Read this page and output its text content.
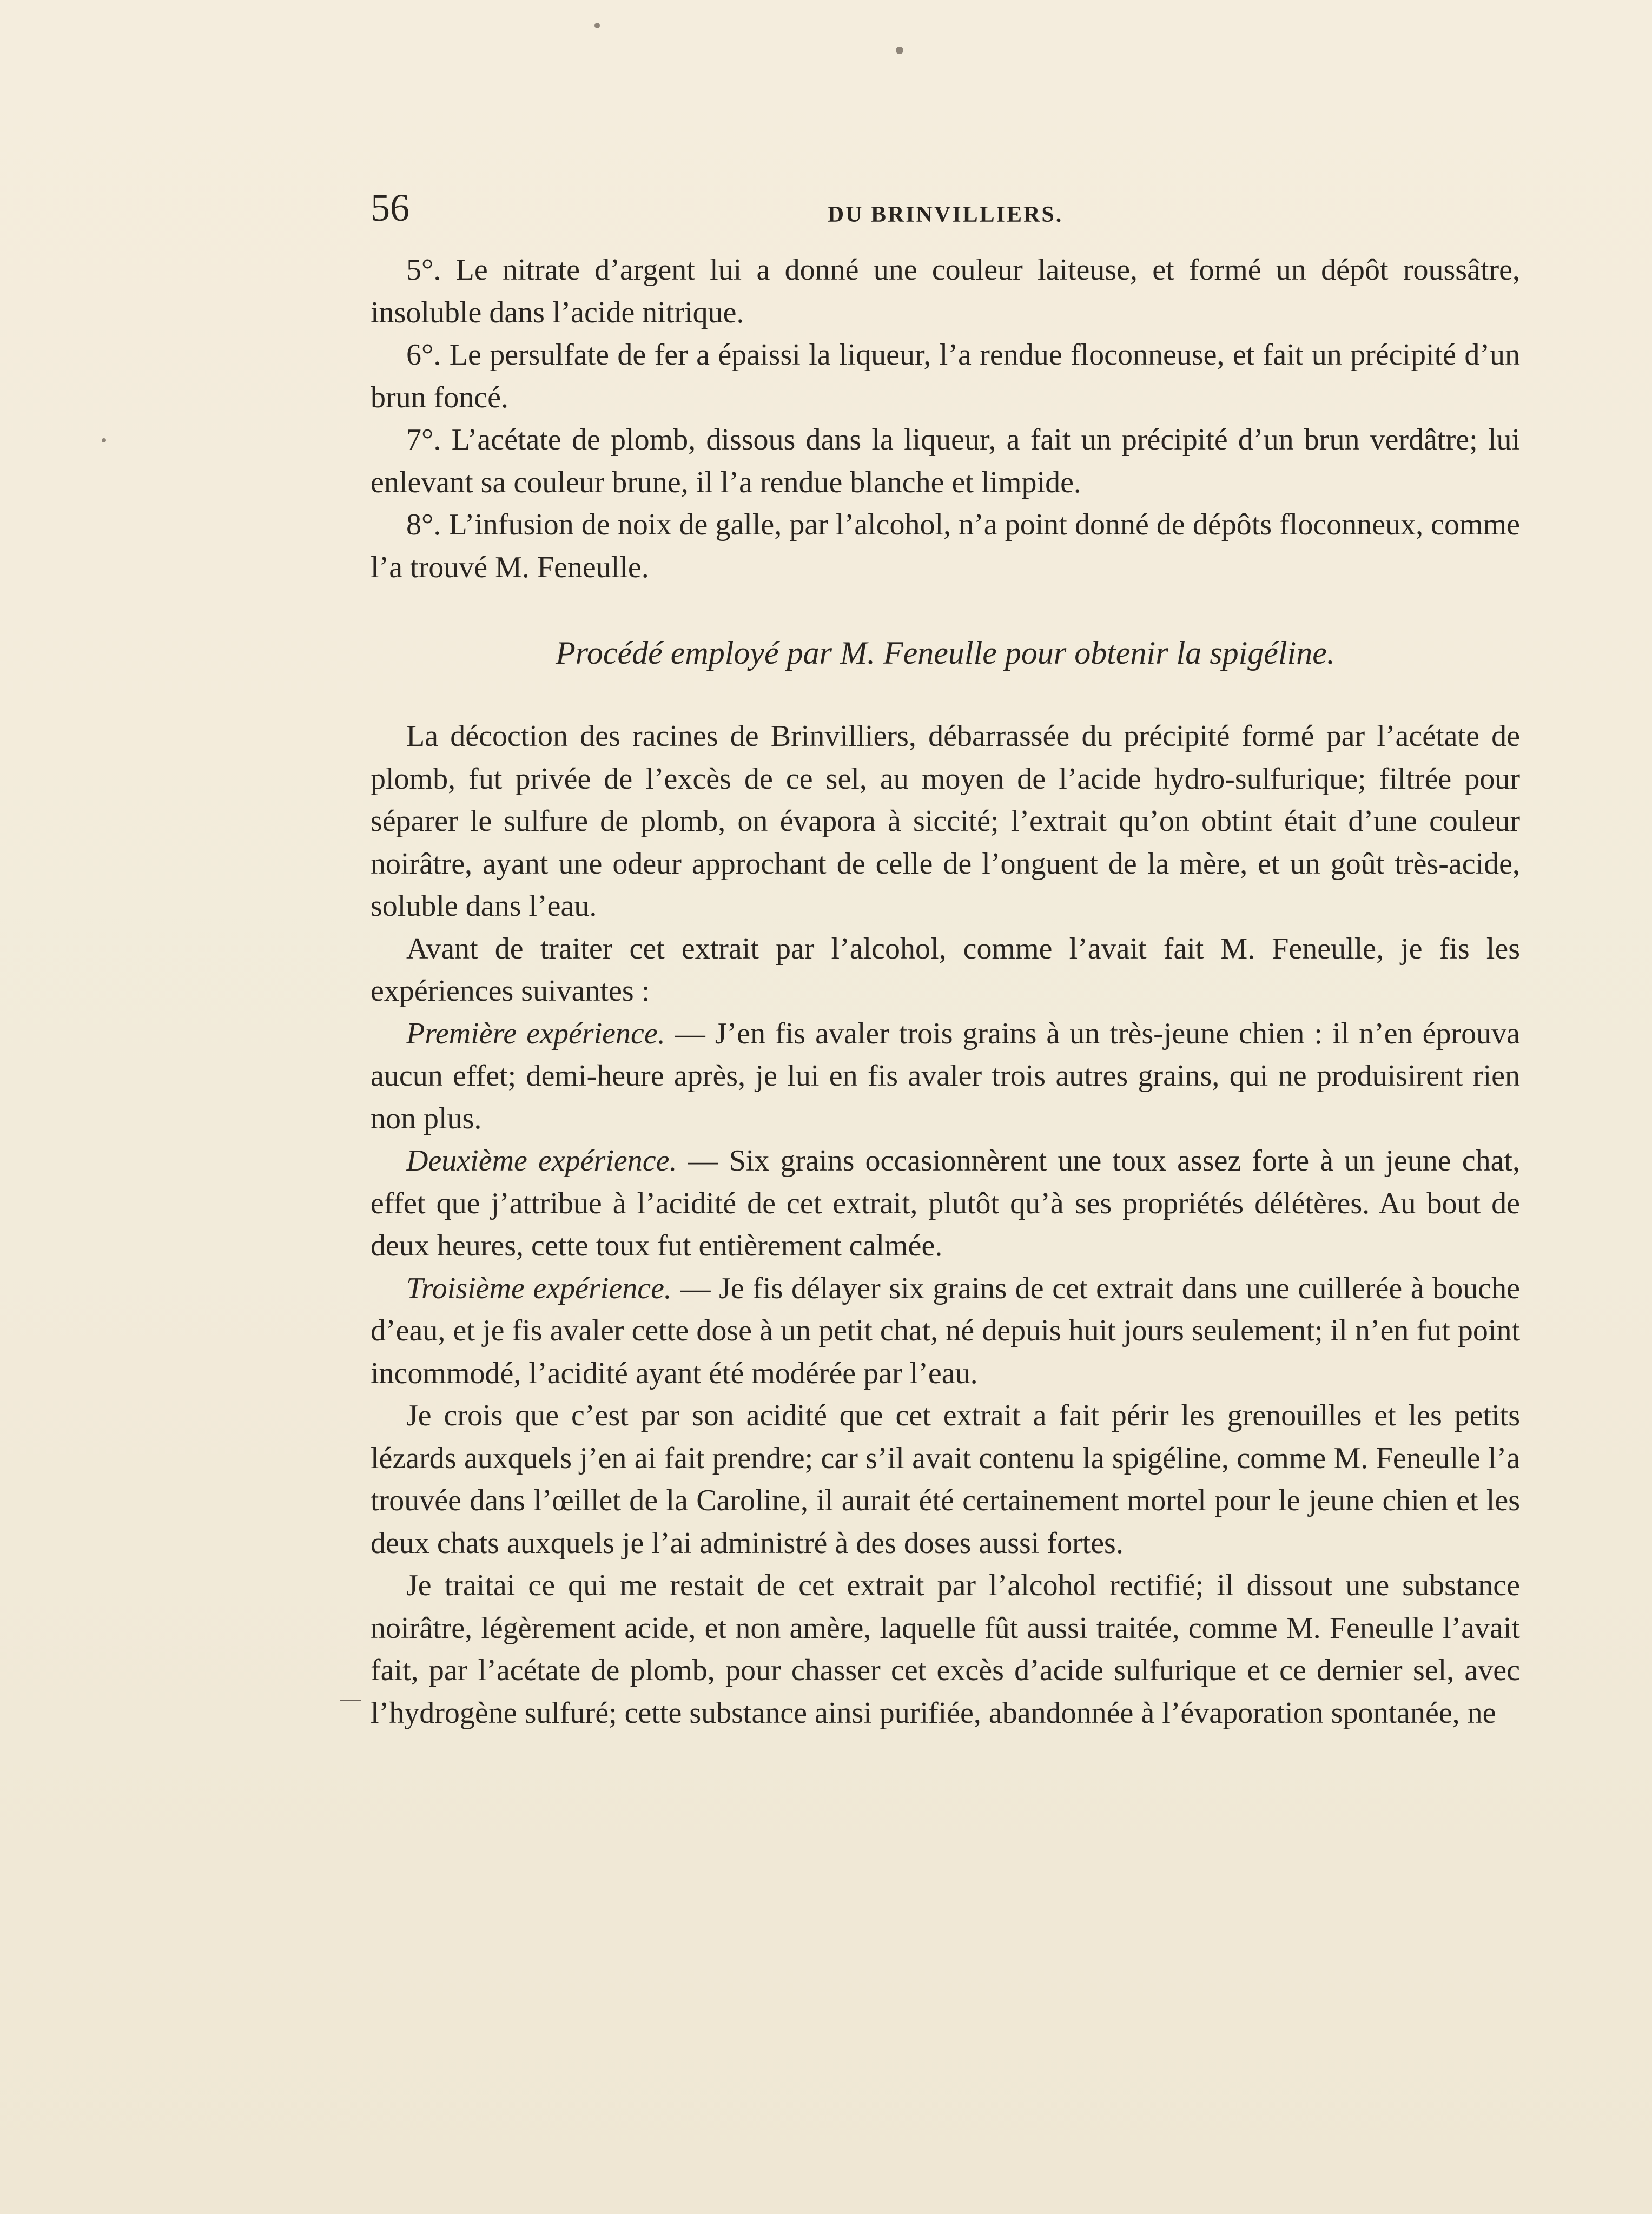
56	DU BRINVILLIERS.

5°. Le nitrate d’argent lui a donné une couleur laiteuse, et formé un dépôt roussâtre, insoluble dans l’acide nitrique.

6°. Le persulfate de fer a épaissi la liqueur, l’a rendue floconneuse, et fait un précipité d’un brun foncé.

7°. L’acétate de plomb, dissous dans la liqueur, a fait un précipité d’un brun verdâtre; lui enlevant sa couleur brune, il l’a rendue blanche et limpide.

8°. L’infusion de noix de galle, par l’alcohol, n’a point donné de dépôts floconneux, comme l’a trouvé M. Feneulle.

Procédé employé par M. Feneulle pour obtenir la spigéline.

La décoction des racines de Brinvilliers, débarrassée du précipité formé par l’acétate de plomb, fut privée de l’excès de ce sel, au moyen de l’acide hydro-sulfurique; filtrée pour séparer le sulfure de plomb, on évapora à siccité; l’extrait qu’on obtint était d’une couleur noirâtre, ayant une odeur approchant de celle de l’onguent de la mère, et un goût très-acide, soluble dans l’eau.

Avant de traiter cet extrait par l’alcohol, comme l’avait fait M. Feneulle, je fis les expériences suivantes :

Première expérience. — J’en fis avaler trois grains à un très-jeune chien : il n’en éprouva aucun effet; demi-heure après, je lui en fis avaler trois autres grains, qui ne produisirent rien non plus.

Deuxième expérience. — Six grains occasionnèrent une toux assez forte à un jeune chat, effet que j’attribue à l’acidité de cet extrait, plutôt qu’à ses propriétés délétères. Au bout de deux heures, cette toux fut entièrement calmée.

Troisième expérience. — Je fis délayer six grains de cet extrait dans une cuillerée à bouche d’eau, et je fis avaler cette dose à un petit chat, né depuis huit jours seulement; il n’en fut point incommodé, l’acidité ayant été modérée par l’eau.

Je crois que c’est par son acidité que cet extrait a fait périr les grenouilles et les petits lézards auxquels j’en ai fait prendre; car s’il avait contenu la spigéline, comme M. Feneulle l’a trouvée dans l’œillet de la Caroline, il aurait été certainement mortel pour le jeune chien et les deux chats auxquels je l’ai administré à des doses aussi fortes.

Je traitai ce qui me restait de cet extrait par l’alcohol rectifié; il dissout une substance noirâtre, légèrement acide, et non amère, laquelle fût aussi traitée, comme M. Feneulle l’avait fait, par l’acétate de plomb, pour chasser cet excès d’acide sulfurique et ce dernier sel, avec l’hydrogène sulfuré; cette substance ainsi purifiée, abandonnée à l’évaporation spontanée, ne
